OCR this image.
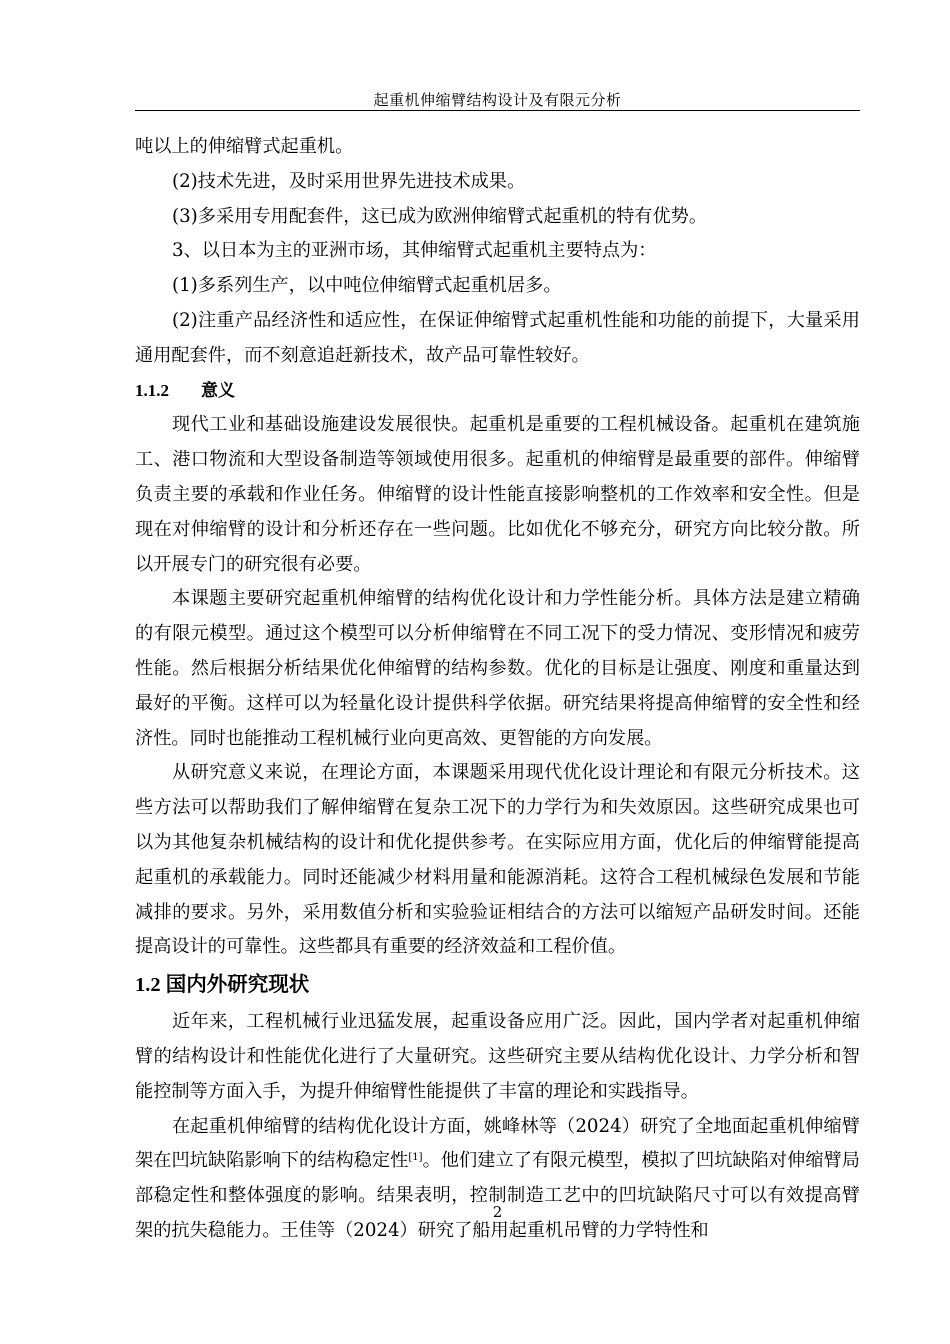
起重机伸缩臂结构设计及有限元分析

吨以上的伸缩臂式起重机。

(2)技术先进，及时采用世界先进技术成果。

(3)多采用专用配套件，这已成为欧洲伸缩臂式起重机的特有优势。

3、以日本为主的亚洲市场，其伸缩臂式起重机主要特点为：

(1)多系列生产，以中吨位伸缩臂式起重机居多。

(2)注重产品经济性和适应性，在保证伸缩臂式起重机性能和功能的前提下，大量采用通用配套件，而不刻意追赶新技术，故产品可靠性较好。

1.1.2 意义

现代工业和基础设施建设发展很快。起重机是重要的工程机械设备。起重机在建筑施工、港口物流和大型设备制造等领域使用很多。起重机的伸缩臂是最重要的部件。伸缩臂负责主要的承载和作业任务。伸缩臂的设计性能直接影响整机的工作效率和安全性。但是现在对伸缩臂的设计和分析还存在一些问题。比如优化不够充分，研究方向比较分散。所以开展专门的研究很有必要。

本课题主要研究起重机伸缩臂的结构优化设计和力学性能分析。具体方法是建立精确的有限元模型。通过这个模型可以分析伸缩臂在不同工况下的受力情况、变形情况和疲劳性能。然后根据分析结果优化伸缩臂的结构参数。优化的目标是让强度、刚度和重量达到最好的平衡。这样可以为轻量化设计提供科学依据。研究结果将提高伸缩臂的安全性和经济性。同时也能推动工程机械行业向更高效、更智能的方向发展。

从研究意义来说，在理论方面，本课题采用现代优化设计理论和有限元分析技术。这些方法可以帮助我们了解伸缩臂在复杂工况下的力学行为和失效原因。这些研究成果也可以为其他复杂机械结构的设计和优化提供参考。在实际应用方面，优化后的伸缩臂能提高起重机的承载能力。同时还能减少材料用量和能源消耗。这符合工程机械绿色发展和节能减排的要求。另外，采用数值分析和实验验证相结合的方法可以缩短产品研发时间。还能提高设计的可靠性。这些都具有重要的经济效益和工程价值。

1.2 国内外研究现状

近年来，工程机械行业迅猛发展，起重设备应用广泛。因此，国内学者对起重机伸缩臂的结构设计和性能优化进行了大量研究。这些研究主要从结构优化设计、力学分析和智能控制等方面入手，为提升伸缩臂性能提供了丰富的理论和实践指导。

在起重机伸缩臂的结构优化设计方面，姚峰林等（2024）研究了全地面起重机伸缩臂架在凹坑缺陷影响下的结构稳定性[1]。他们建立了有限元模型，模拟了凹坑缺陷对伸缩臂局部稳定性和整体强度的影响。结果表明，控制制造工艺中的凹坑缺陷尺寸可以有效提高臂架的抗失稳能力。王佳等（2024）研究了船用起重机吊臂的力学特性和

2
